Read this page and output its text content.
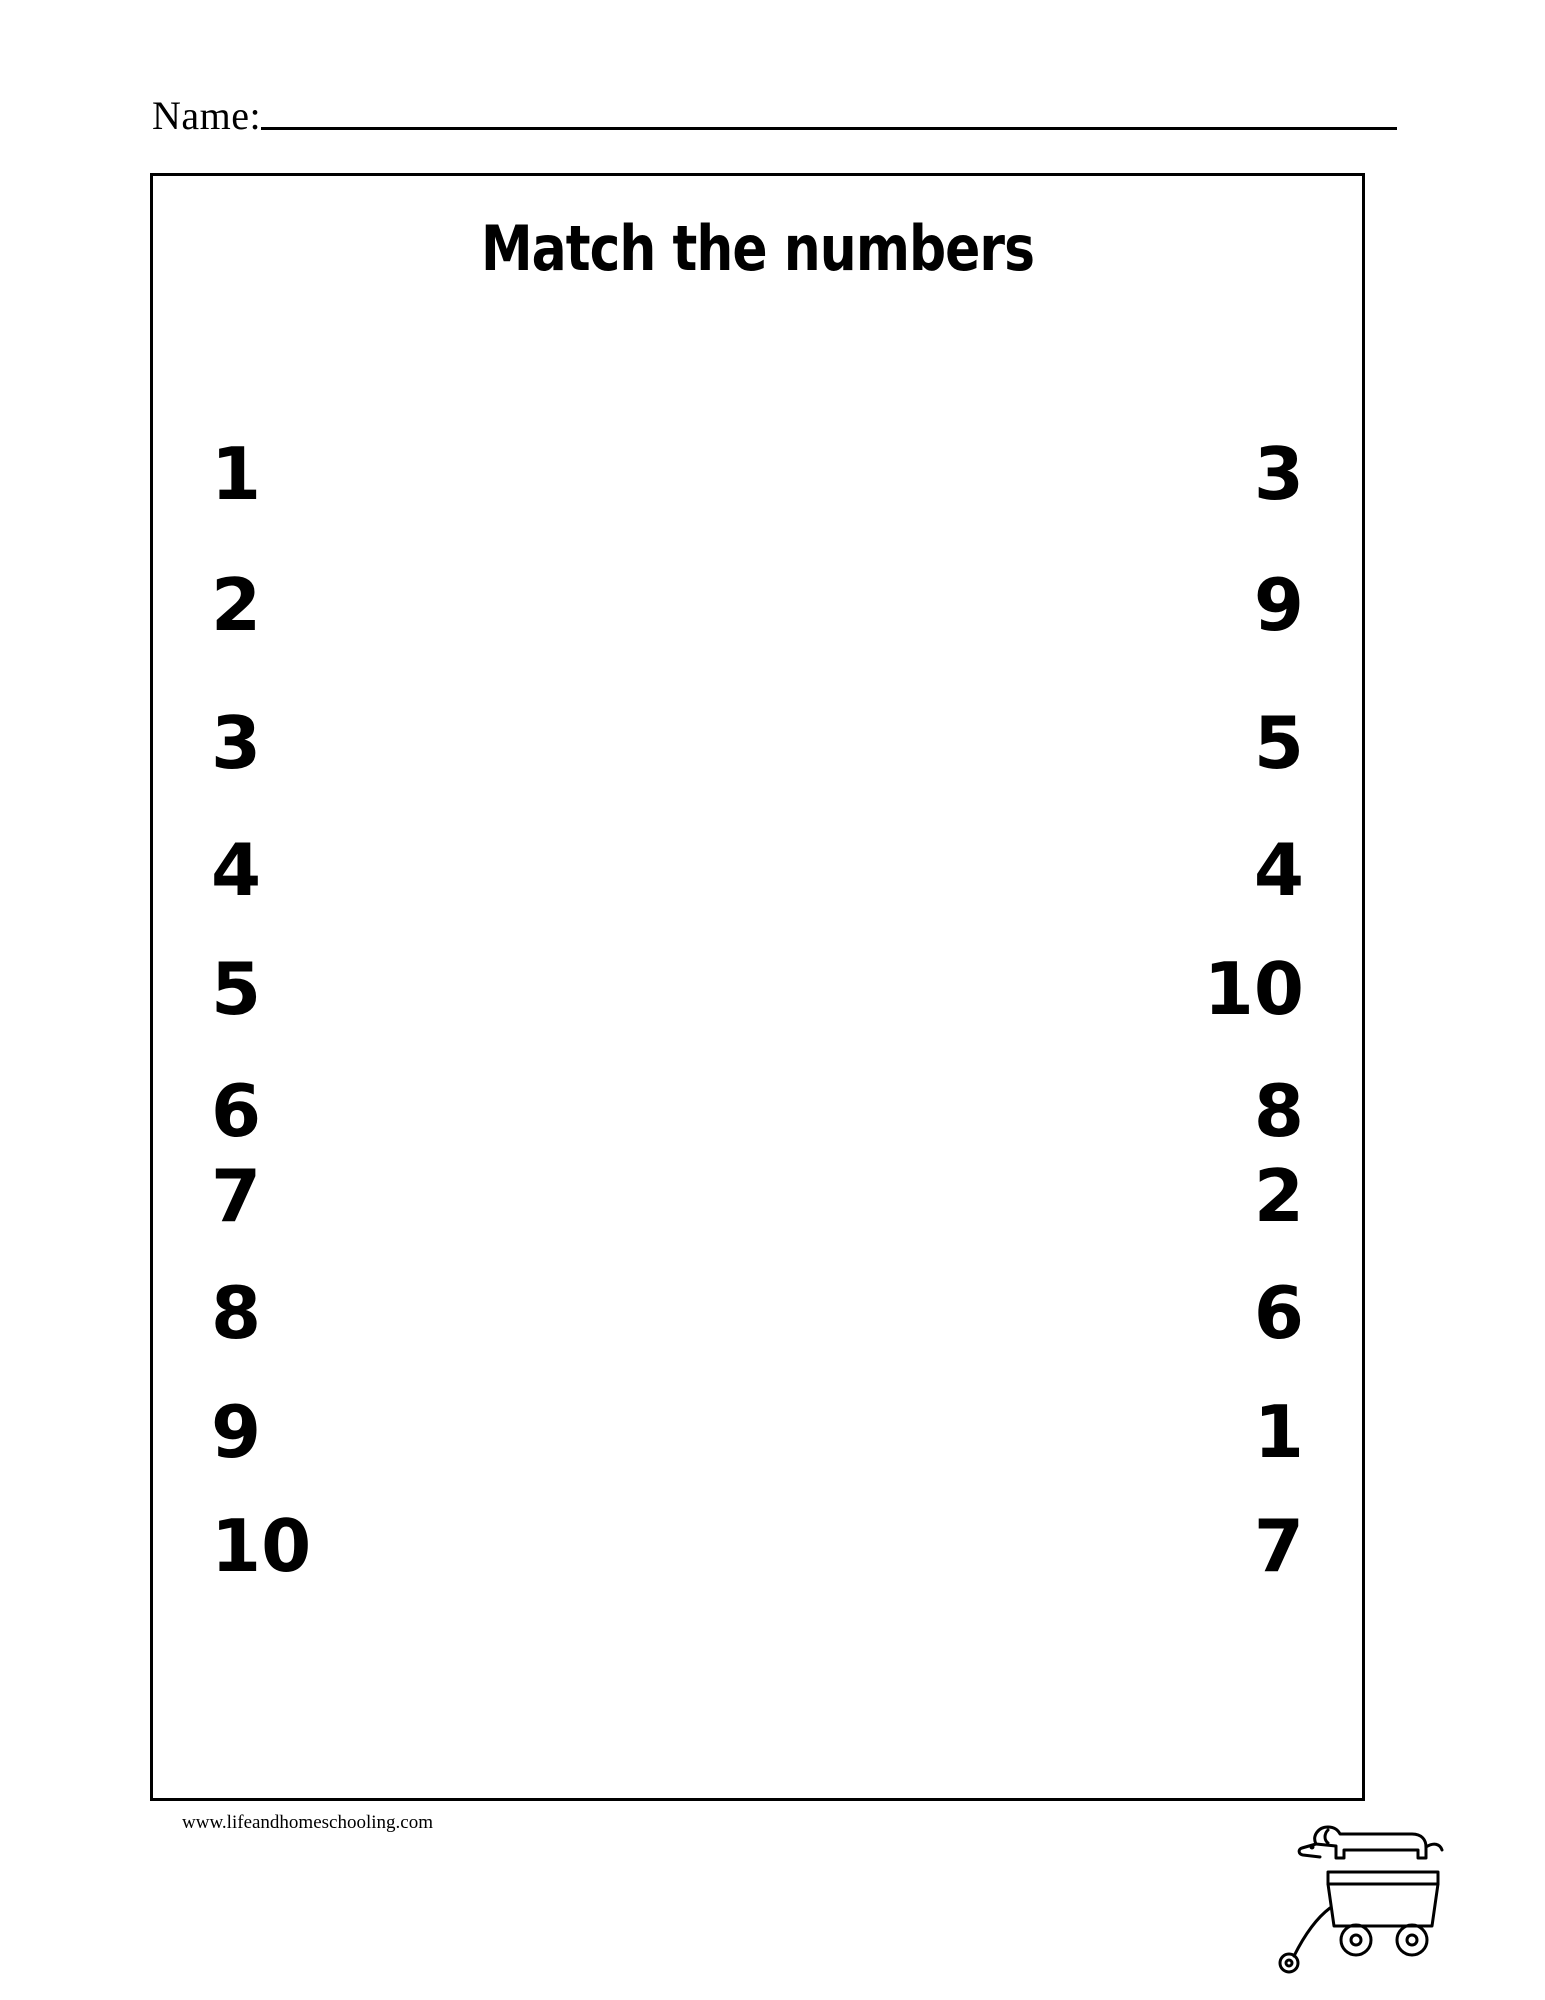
Name:
Match the numbers
1	3
2	9
3	5
4	4
5	10
6	8
7	2
8	6
9	1
10	7
www.lifeandhomeschooling.com
